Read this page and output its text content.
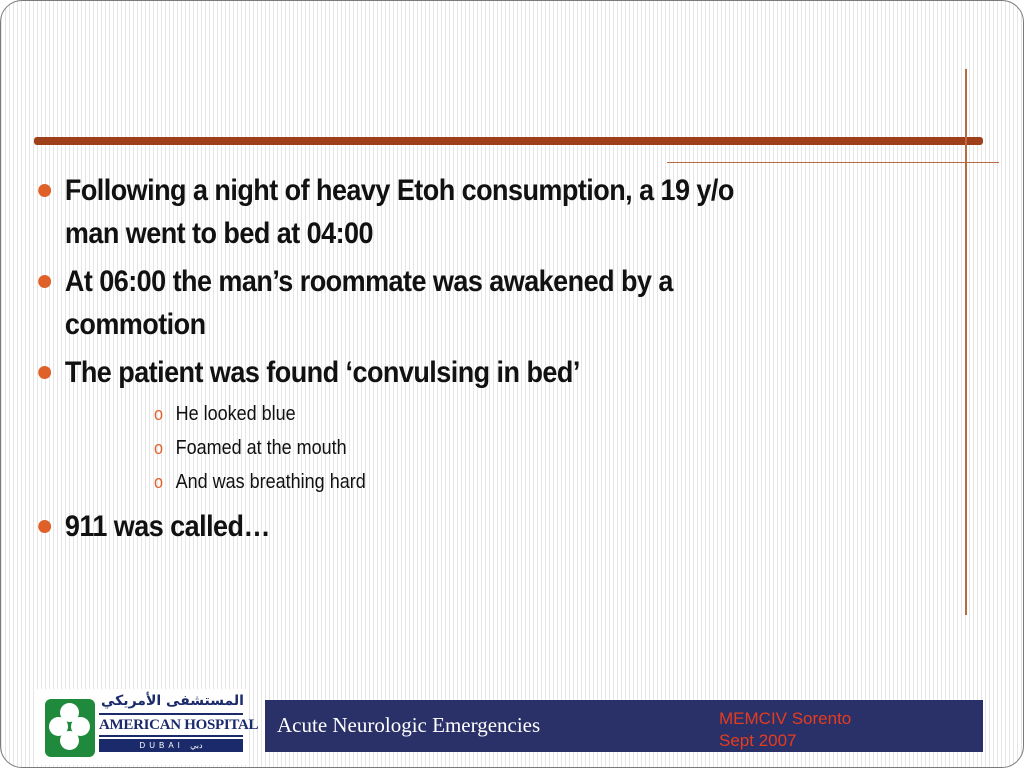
Following a night of heavy Etoh consumption, a 19 y/o man went to bed at 04:00
At 06:00 the man’s roommate was awakened by a commotion
The patient was found ‘convulsing in bed’
o He looked blue
o Foamed at the mouth
o And was breathing hard
911 was called…
المستشفى الأمريكي
AMERICAN HOSPITAL
DUBAI دبي
Acute Neurologic Emergencies	MEMCIV Sorento
Sept 2007
